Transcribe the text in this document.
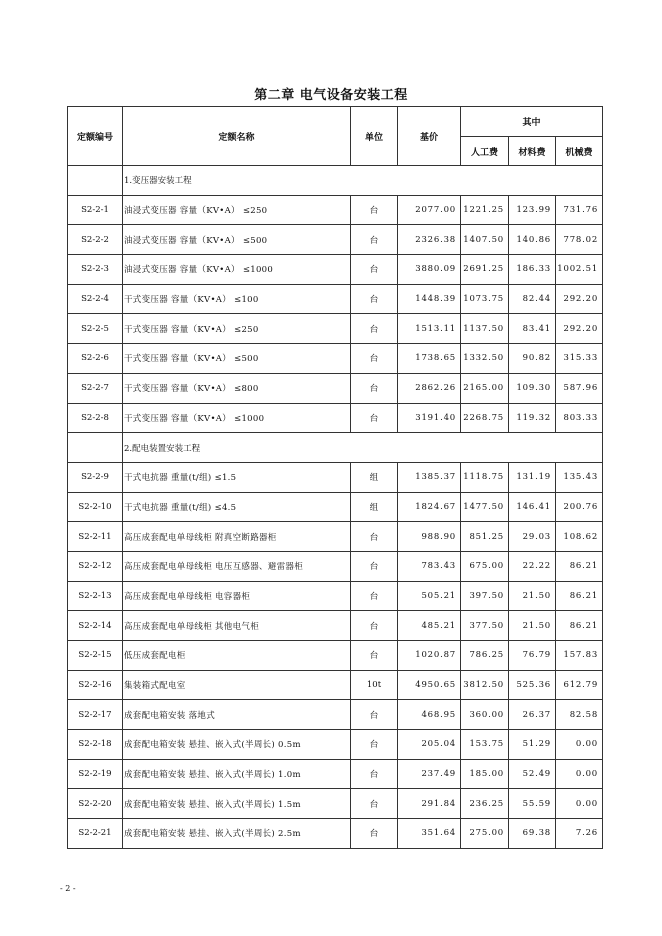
第二章 电气设备安装工程
定额编号	定额名称	单位	基价	其中		
				人工费	材料费	机械费
	1.变压器安装工程					
S2-2-1	油浸式变压器 容量（KV•A） ≤250	台	2077.00	1221.25	123.99	731.76
S2-2-2	油浸式变压器 容量（KV•A） ≤500	台	2326.38	1407.50	140.86	778.02
S2-2-3	油浸式变压器 容量（KV•A） ≤1000	台	3880.09	2691.25	186.33	1002.51
S2-2-4	干式变压器 容量（KV•A） ≤100	台	1448.39	1073.75	82.44	292.20
S2-2-5	干式变压器 容量（KV•A） ≤250	台	1513.11	1137.50	83.41	292.20
S2-2-6	干式变压器 容量（KV•A） ≤500	台	1738.65	1332.50	90.82	315.33
S2-2-7	干式变压器 容量（KV•A） ≤800	台	2862.26	2165.00	109.30	587.96
S2-2-8	干式变压器 容量（KV•A） ≤1000	台	3191.40	2268.75	119.32	803.33
	2.配电装置安装工程					
S2-2-9	干式电抗器 重量(t/组) ≤1.5	组	1385.37	1118.75	131.19	135.43
S2-2-10	干式电抗器 重量(t/组) ≤4.5	组	1824.67	1477.50	146.41	200.76
S2-2-11	高压成套配电单母线柜 附真空断路器柜	台	988.90	851.25	29.03	108.62
S2-2-12	高压成套配电单母线柜 电压互感器、避雷器柜	台	783.43	675.00	22.22	86.21
S2-2-13	高压成套配电单母线柜 电容器柜	台	505.21	397.50	21.50	86.21
S2-2-14	高压成套配电单母线柜 其他电气柜	台	485.21	377.50	21.50	86.21
S2-2-15	低压成套配电柜	台	1020.87	786.25	76.79	157.83
S2-2-16	集装箱式配电室	10t	4950.65	3812.50	525.36	612.79
S2-2-17	成套配电箱安装 落地式	台	468.95	360.00	26.37	82.58
S2-2-18	成套配电箱安装 悬挂、嵌入式(半周长) 0.5m	台	205.04	153.75	51.29	0.00
S2-2-19	成套配电箱安装 悬挂、嵌入式(半周长) 1.0m	台	237.49	185.00	52.49	0.00
S2-2-20	成套配电箱安装 悬挂、嵌入式(半周长) 1.5m	台	291.84	236.25	55.59	0.00
S2-2-21	成套配电箱安装 悬挂、嵌入式(半周长) 2.5m	台	351.64	275.00	69.38	7.26
- 2 -
